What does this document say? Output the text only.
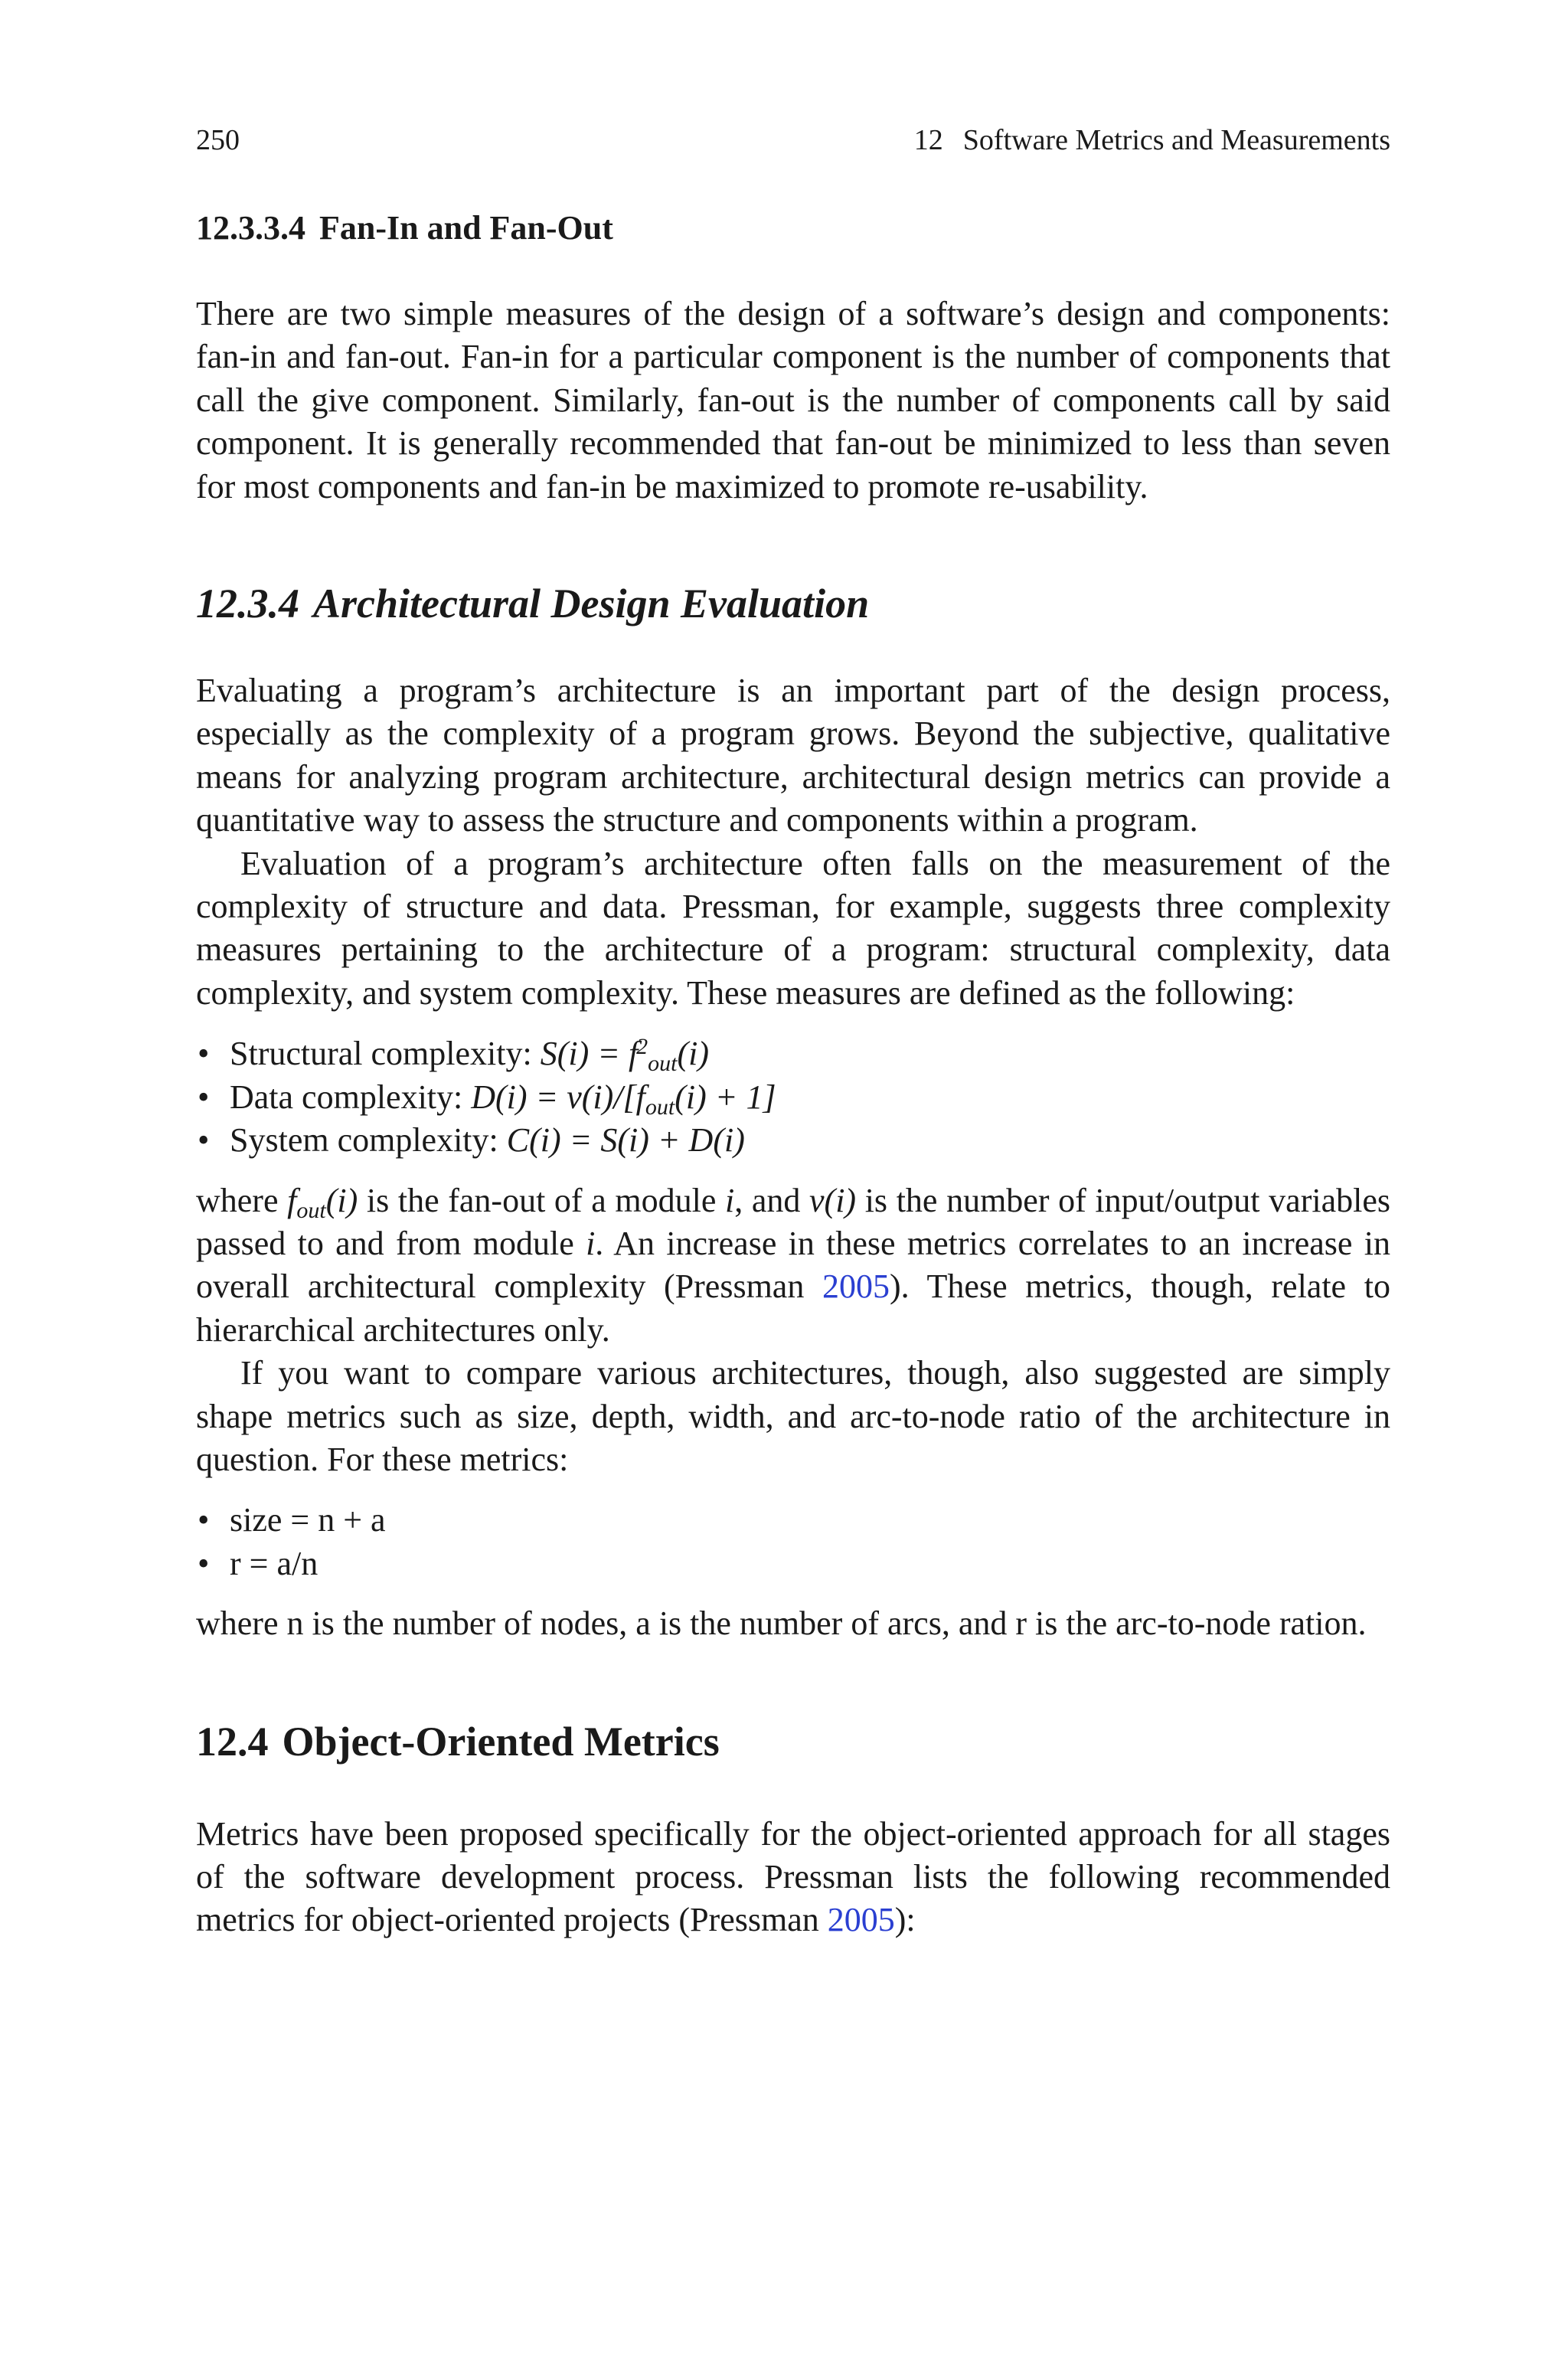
250	12 Software Metrics and Measurements
12.3.3.4 Fan-In and Fan-Out

There are two simple measures of the design of a software’s design and components: fan-in and fan-out. Fan-in for a particular component is the number of components that call the give component. Similarly, fan-out is the number of components call by said component. It is generally recommended that fan-out be minimized to less than seven for most components and fan-in be maximized to promote re-usability.

12.3.4 Architectural Design Evaluation

Evaluating a program’s architecture is an important part of the design process, especially as the complexity of a program grows. Beyond the subjective, qualitative means for analyzing program architecture, architectural design metrics can provide a quantitative way to assess the structure and components within a program.

Evaluation of a program’s architecture often falls on the measurement of the complexity of structure and data. Pressman, for example, suggests three complexity measures pertaining to the architecture of a program: structural complexity, data complexity, and system complexity. These measures are defined as the following:

• Structural complexity: $S(i) = f^2_{out}(i)$
• Data complexity: $D(i) = v(i)/[f_{out}(i) + 1]$
• System complexity: C(i) = S(i) + D(i)

where $f_{out}(i)$ is the fan-out of a module i, and v(i) is the number of input/output variables passed to and from module i. An increase in these metrics correlates to an increase in overall architectural complexity (Pressman 2005). These metrics, though, relate to hierarchical architectures only.

If you want to compare various architectures, though, also suggested are simply shape metrics such as size, depth, width, and arc-to-node ratio of the architecture in question. For these metrics:

• size = n + a
• r = a/n

where n is the number of nodes, a is the number of arcs, and r is the arc-to-node ration.

12.4 Object-Oriented Metrics

Metrics have been proposed specifically for the object-oriented approach for all stages of the software development process. Pressman lists the following recommended metrics for object-oriented projects (Pressman 2005):
